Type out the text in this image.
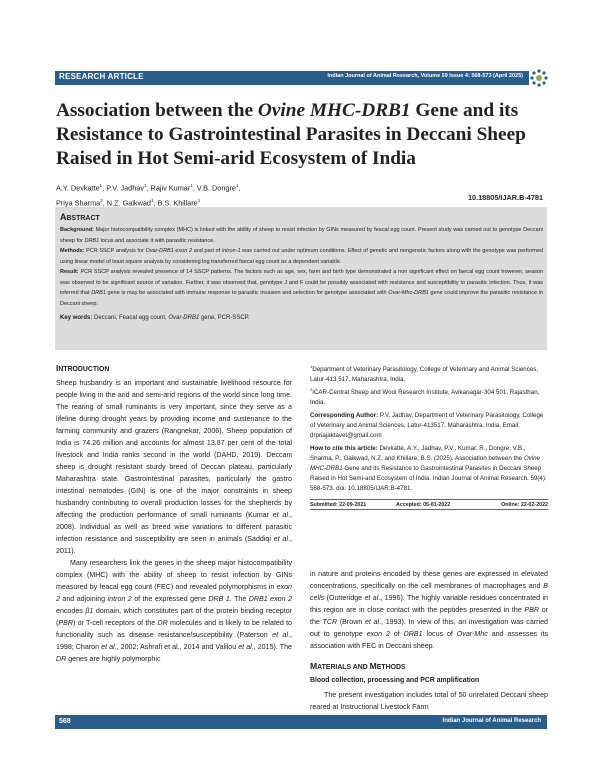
RESEARCH ARTICLE	Indian Journal of Animal Research, Volume 59 Issue 4: 568-573 (April 2025)
Association between the Ovine MHC-DRB1 Gene and its Resistance to Gastrointestinal Parasites in Deccani Sheep Raised in Hot Semi-arid Ecosystem of India
A.Y. Devkatte$^1$, P.V. Jadhav$^1$, Rajiv Kumar$^1$, V.B. Dongre$^1$,
Priya Sharma$^2$, N.Z. Gaikwad$^1$, B.S. Khillare$^1$	10.18805/IJAR.B-4781
ABSTRACT

Background: Major histocompatibility complex (MHC) is linked with the ability of sheep to resist infection by GINs measured by feacal egg count. Present study was carried out to genotype Deccani sheep for DRB1 locus and associate it with parasitic resistance.

Methods: PCR SSCP analysis for Ovar-DRB1 exon 2 and part of intron-1 was carried out under optimum conditions. Effect of genetic and nongenetic factors along with the genotype was performed using linear model of least square analysis by considering log transferred faecal egg count as a dependent variable.

Result: PCR SSCP analysis revealed presence of 14 SSCP patterns. The factors such as age, sex, farm and birth type demonstrated a non significant effect on faecal egg count however, season was observed to be significant source of variation. Further, it was observed that, genotype J and F could be possibly associated with resistance and susceptibility to parasitic infection. Thus, it was inferred that DRB1 gene is may be associated with immune response to parasitic invasion and selection for genotype associated with Ovar-Mhc-DRB1 gene could improve the parasitic resistance in Deccani sheep.

Key words: Deccani, Feacal egg count, Ovar-DRB1 gene, PCR-SSCP.

INTRODUCTION

Sheep husbandry is an important and sustainable livelihood resource for people living in the arid and semi-arid regions of the world since long time. The rearing of small ruminants is very important, since they serve as a lifeline during drought years by providing income and sustenance to the farming community and grazers (Rangnekar, 2006). Sheep population of India is 74.26 million and accounts for almost 13.87 per cent of the total livestock and India ranks second in the world (DAHD, 2019). Deccani sheep is drought resistant sturdy breed of Deccan plateau, particularly Maharashtra state. Gastrointestinal parasites, particularly the gastro intestinal nematodes (GIN) is one of the major constraints in sheep husbandry contributing to overall production losses for the shepherds by affecting the production performance of small ruminants (Kumar et al., 2008). Individual as well as breed wise variations to different parasitic infection resistance and susceptibility are seen in animals (Saddiqi et al., 2011).

Many researchers link the genes in the sheep major histocompatibility complex (MHC) with the ability of sheep to resist infection by GINs measured by feacal egg count (FEC) and revealed polymorphisms in exon 2 and adjoining intron 2 of the expressed gene DRB 1. The DRB1 exon 2 encodes β1 domain, which constitutes part of the protein binding receptor (PBR) or T-cell receptors of the DR molecules and is likely to be related to functionality such as disease resistance/susceptibility (Paterson et al., 1998; Charon et al., 2002; Ashrafi et al., 2014 and Valilou et al., 2015). The DR genes are highly polymorphic

$^1$Department of Veterinary Parasitology, College of Veterinary and Animal Sciences, Latur-413 517, Maharashtra, India.

$^2$ICAR-Central Sheep and Wool Research Institute, Avikanagar-304 501, Rajasthan, India.

Corresponding Author: P.V. Jadhav, Department of Veterinary Parasitology, College of Veterinary and Animal Sciences, Latur-413517, Maharashtra, India. Email: drpriajaktavet@gmail.com

How to cite this article: Devkatte, A.Y., Jadhav, P.V., Kumar, R., Dongre, V.B., Sharma, P., Gaikwad, N.Z. and Khillare, B.S. (2025). Association between the Ovine MHC-DRB1 Gene and its Resistance to Gastrointestinal Parasites in Deccani Sheep Raised in Hot Semi-arid Ecosystem of India. Indian Journal of Animal Research. 59(4): 568-573. doi: 10.18805/IJAR.B-4781.

Submitted: 22-09-2021	Accepted: 05-01-2022	Online: 22-02-2022

in nature and proteins encoded by these genes are expressed in elevated concentrations, specifically on the cell membranes of macrophages and B cells (Outteridge et al., 1996). The highly variable residues concentrated in this region are in close contact with the peptides presented in the PBR or the TCR (Brown et al., 1993). In view of this, an investigation was carried out to genotype exon 2 of DRB1 locus of Ovar-Mhc and assesses its association with FEC in Deccani sheep.

MATERIALS AND METHODS
Blood collection, processing and PCR amplification

The present investigation includes total of 50 unrelated Deccani sheep reared at Instructional Livestock Farm

568	Indian Journal of Animal Research
